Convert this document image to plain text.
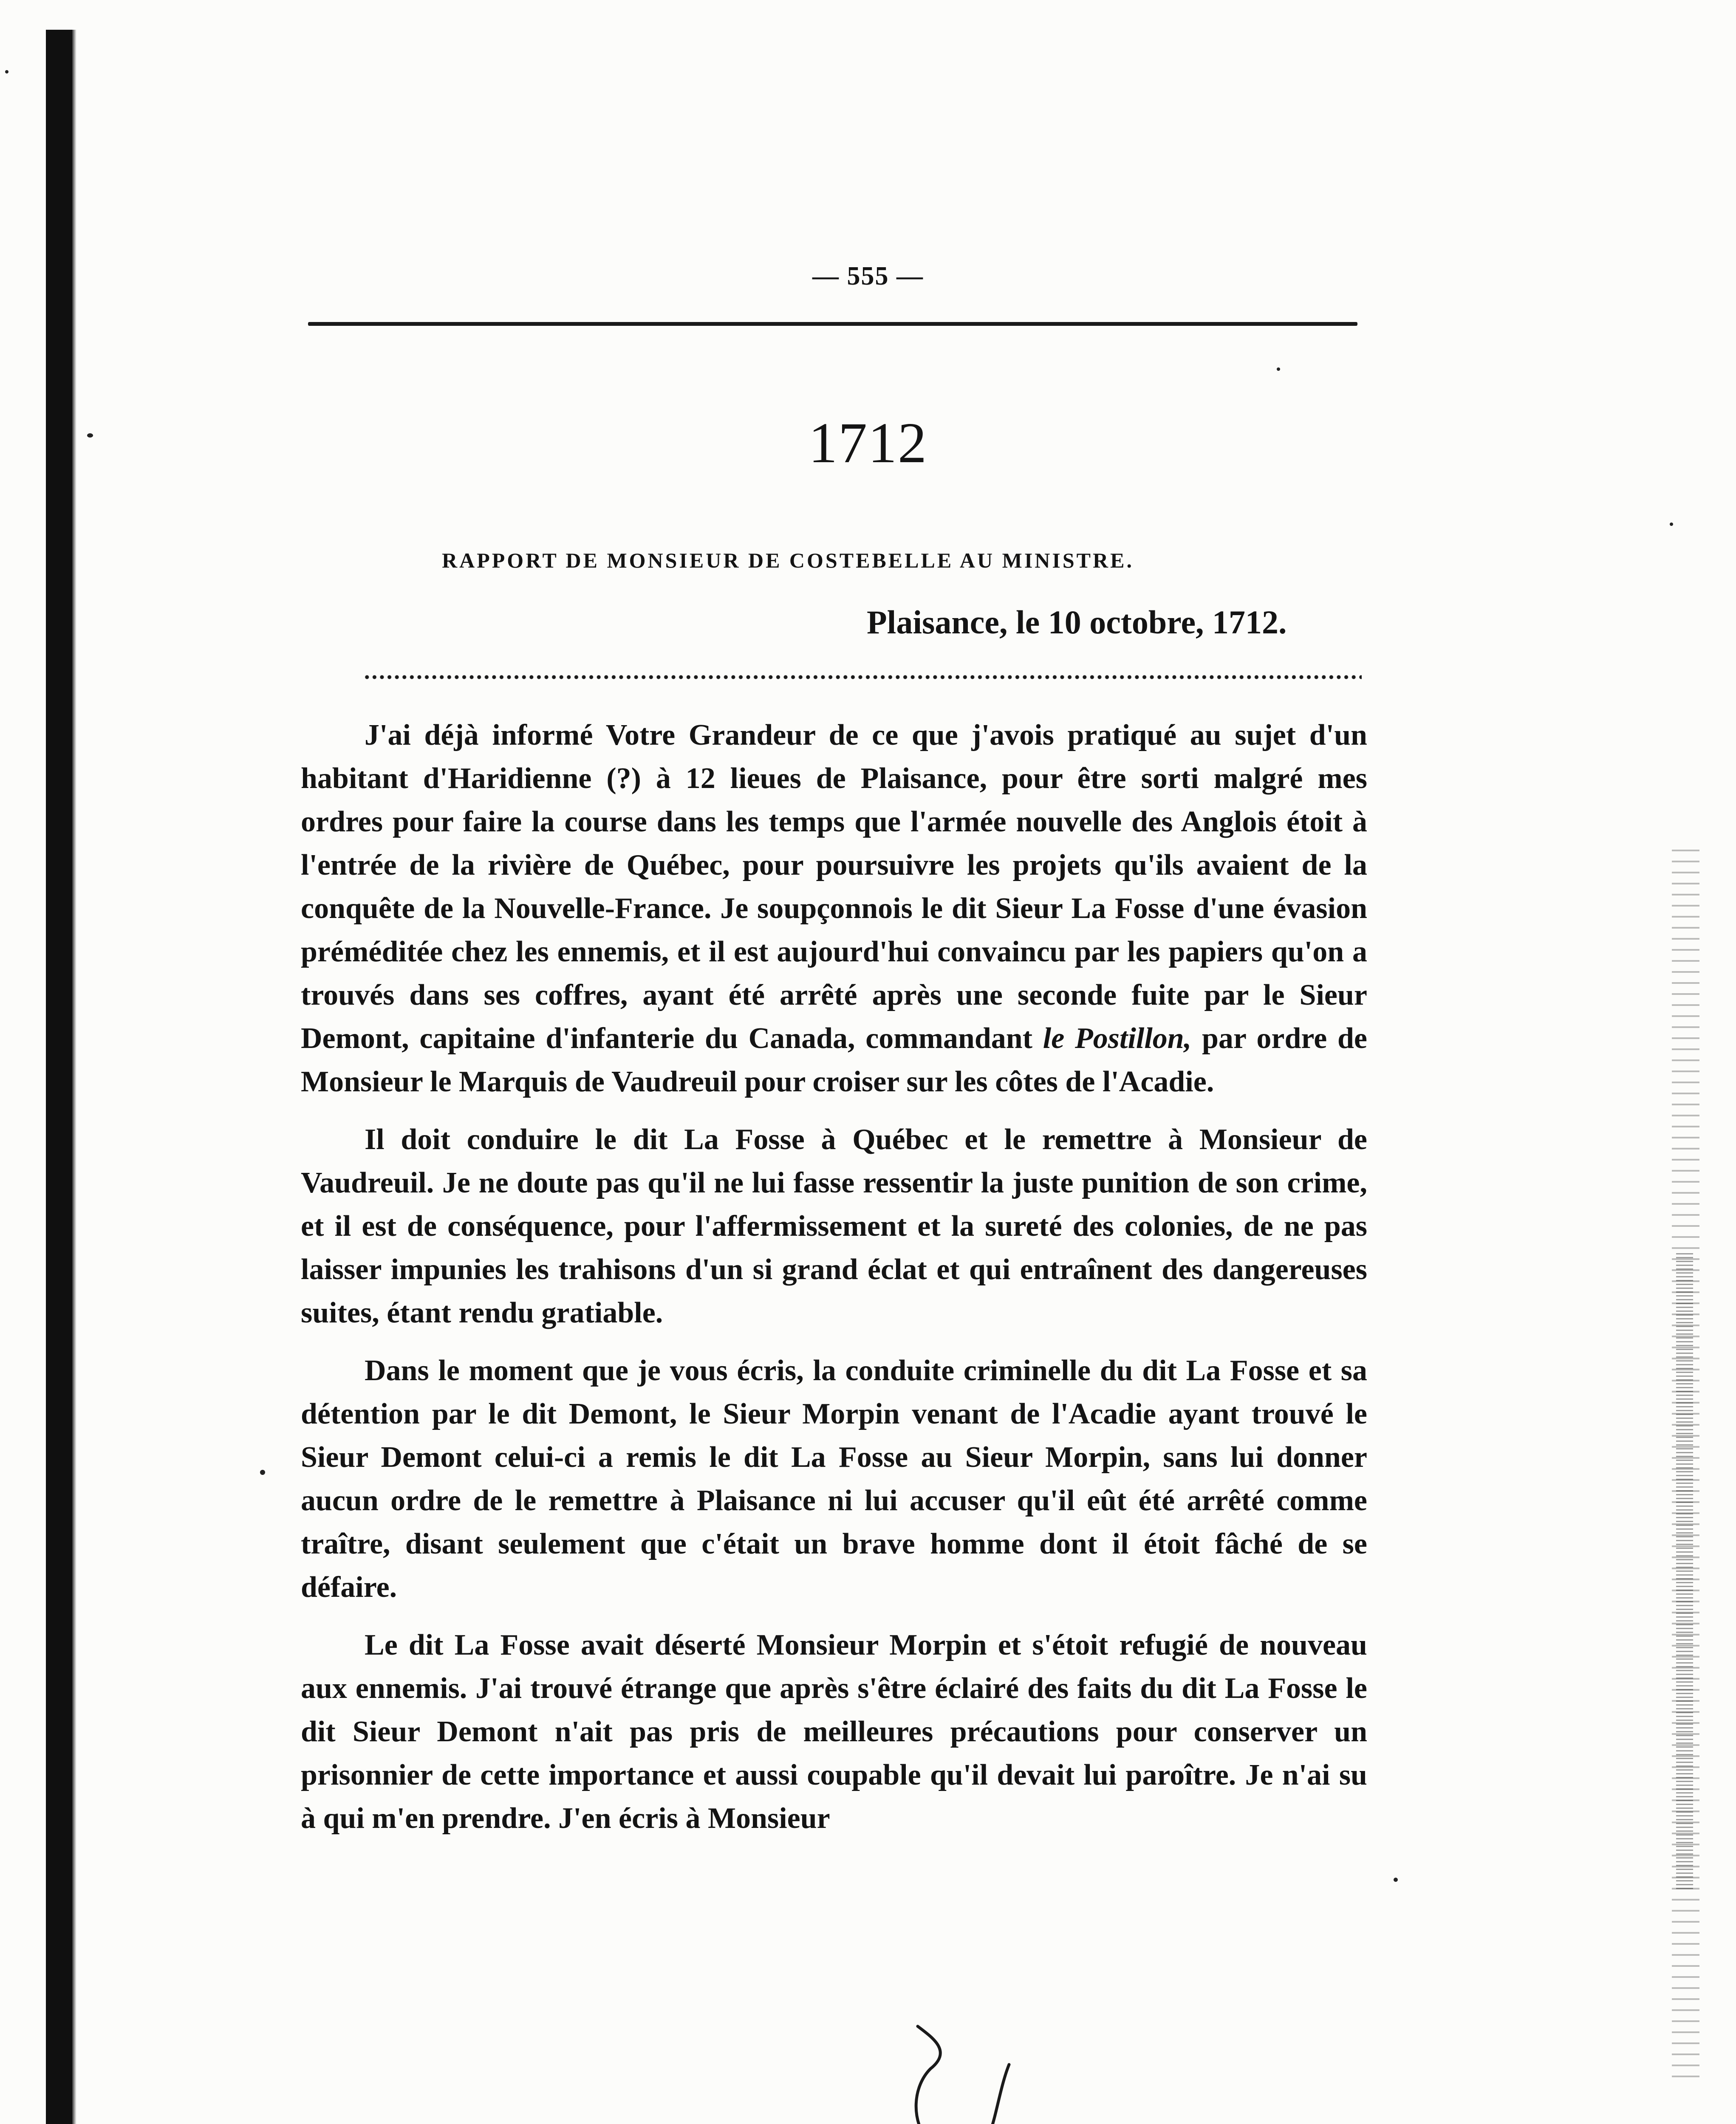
— 555 —
1712
RAPPORT DE MONSIEUR DE COSTEBELLE AU MINISTRE.
Plaisance, le 10 octobre, 1712.

J'ai déjà informé Votre Grandeur de ce que j'avois pratiqué au sujet d'un habitant d'Haridienne (?) à 12 lieues de Plaisance, pour être sorti malgré mes ordres pour faire la course dans les temps que l'armée nouvelle des Anglois étoit à l'entrée de la rivière de Québec, pour poursuivre les projets qu'ils avaient de la conquête de la Nouvelle-France. Je soupçonnois le dit Sieur La Fosse d'une évasion préméditée chez les ennemis, et il est aujourd'hui convaincu par les papiers qu'on a trouvés dans ses coffres, ayant été arrêté après une seconde fuite par le Sieur Demont, capitaine d'infanterie du Canada, commandant le Postillon, par ordre de Monsieur le Marquis de Vaudreuil pour croiser sur les côtes de l'Acadie.

Il doit conduire le dit La Fosse à Québec et le remettre à Monsieur de Vaudreuil. Je ne doute pas qu'il ne lui fasse ressentir la juste punition de son crime, et il est de conséquence, pour l'affermissement et la sureté des colonies, de ne pas laisser impunies les trahisons d'un si grand éclat et qui entraînent des dangereuses suites, étant rendu gratiable.

Dans le moment que je vous écris, la conduite criminelle du dit La Fosse et sa détention par le dit Demont, le Sieur Morpin venant de l'Acadie ayant trouvé le Sieur Demont celui-ci a remis le dit La Fosse au Sieur Morpin, sans lui donner aucun ordre de le remettre à Plaisance ni lui accuser qu'il eût été arrêté comme traître, disant seulement que c'était un brave homme dont il étoit fâché de se défaire.

Le dit La Fosse avait déserté Monsieur Morpin et s'étoit refugié de nouveau aux ennemis. J'ai trouvé étrange que après s'être éclairé des faits du dit La Fosse le dit Sieur Demont n'ait pas pris de meilleures précautions pour conserver un prisonnier de cette importance et aussi coupable qu'il devait lui paroître. Je n'ai su à qui m'en prendre. J'en écris à Monsieur
